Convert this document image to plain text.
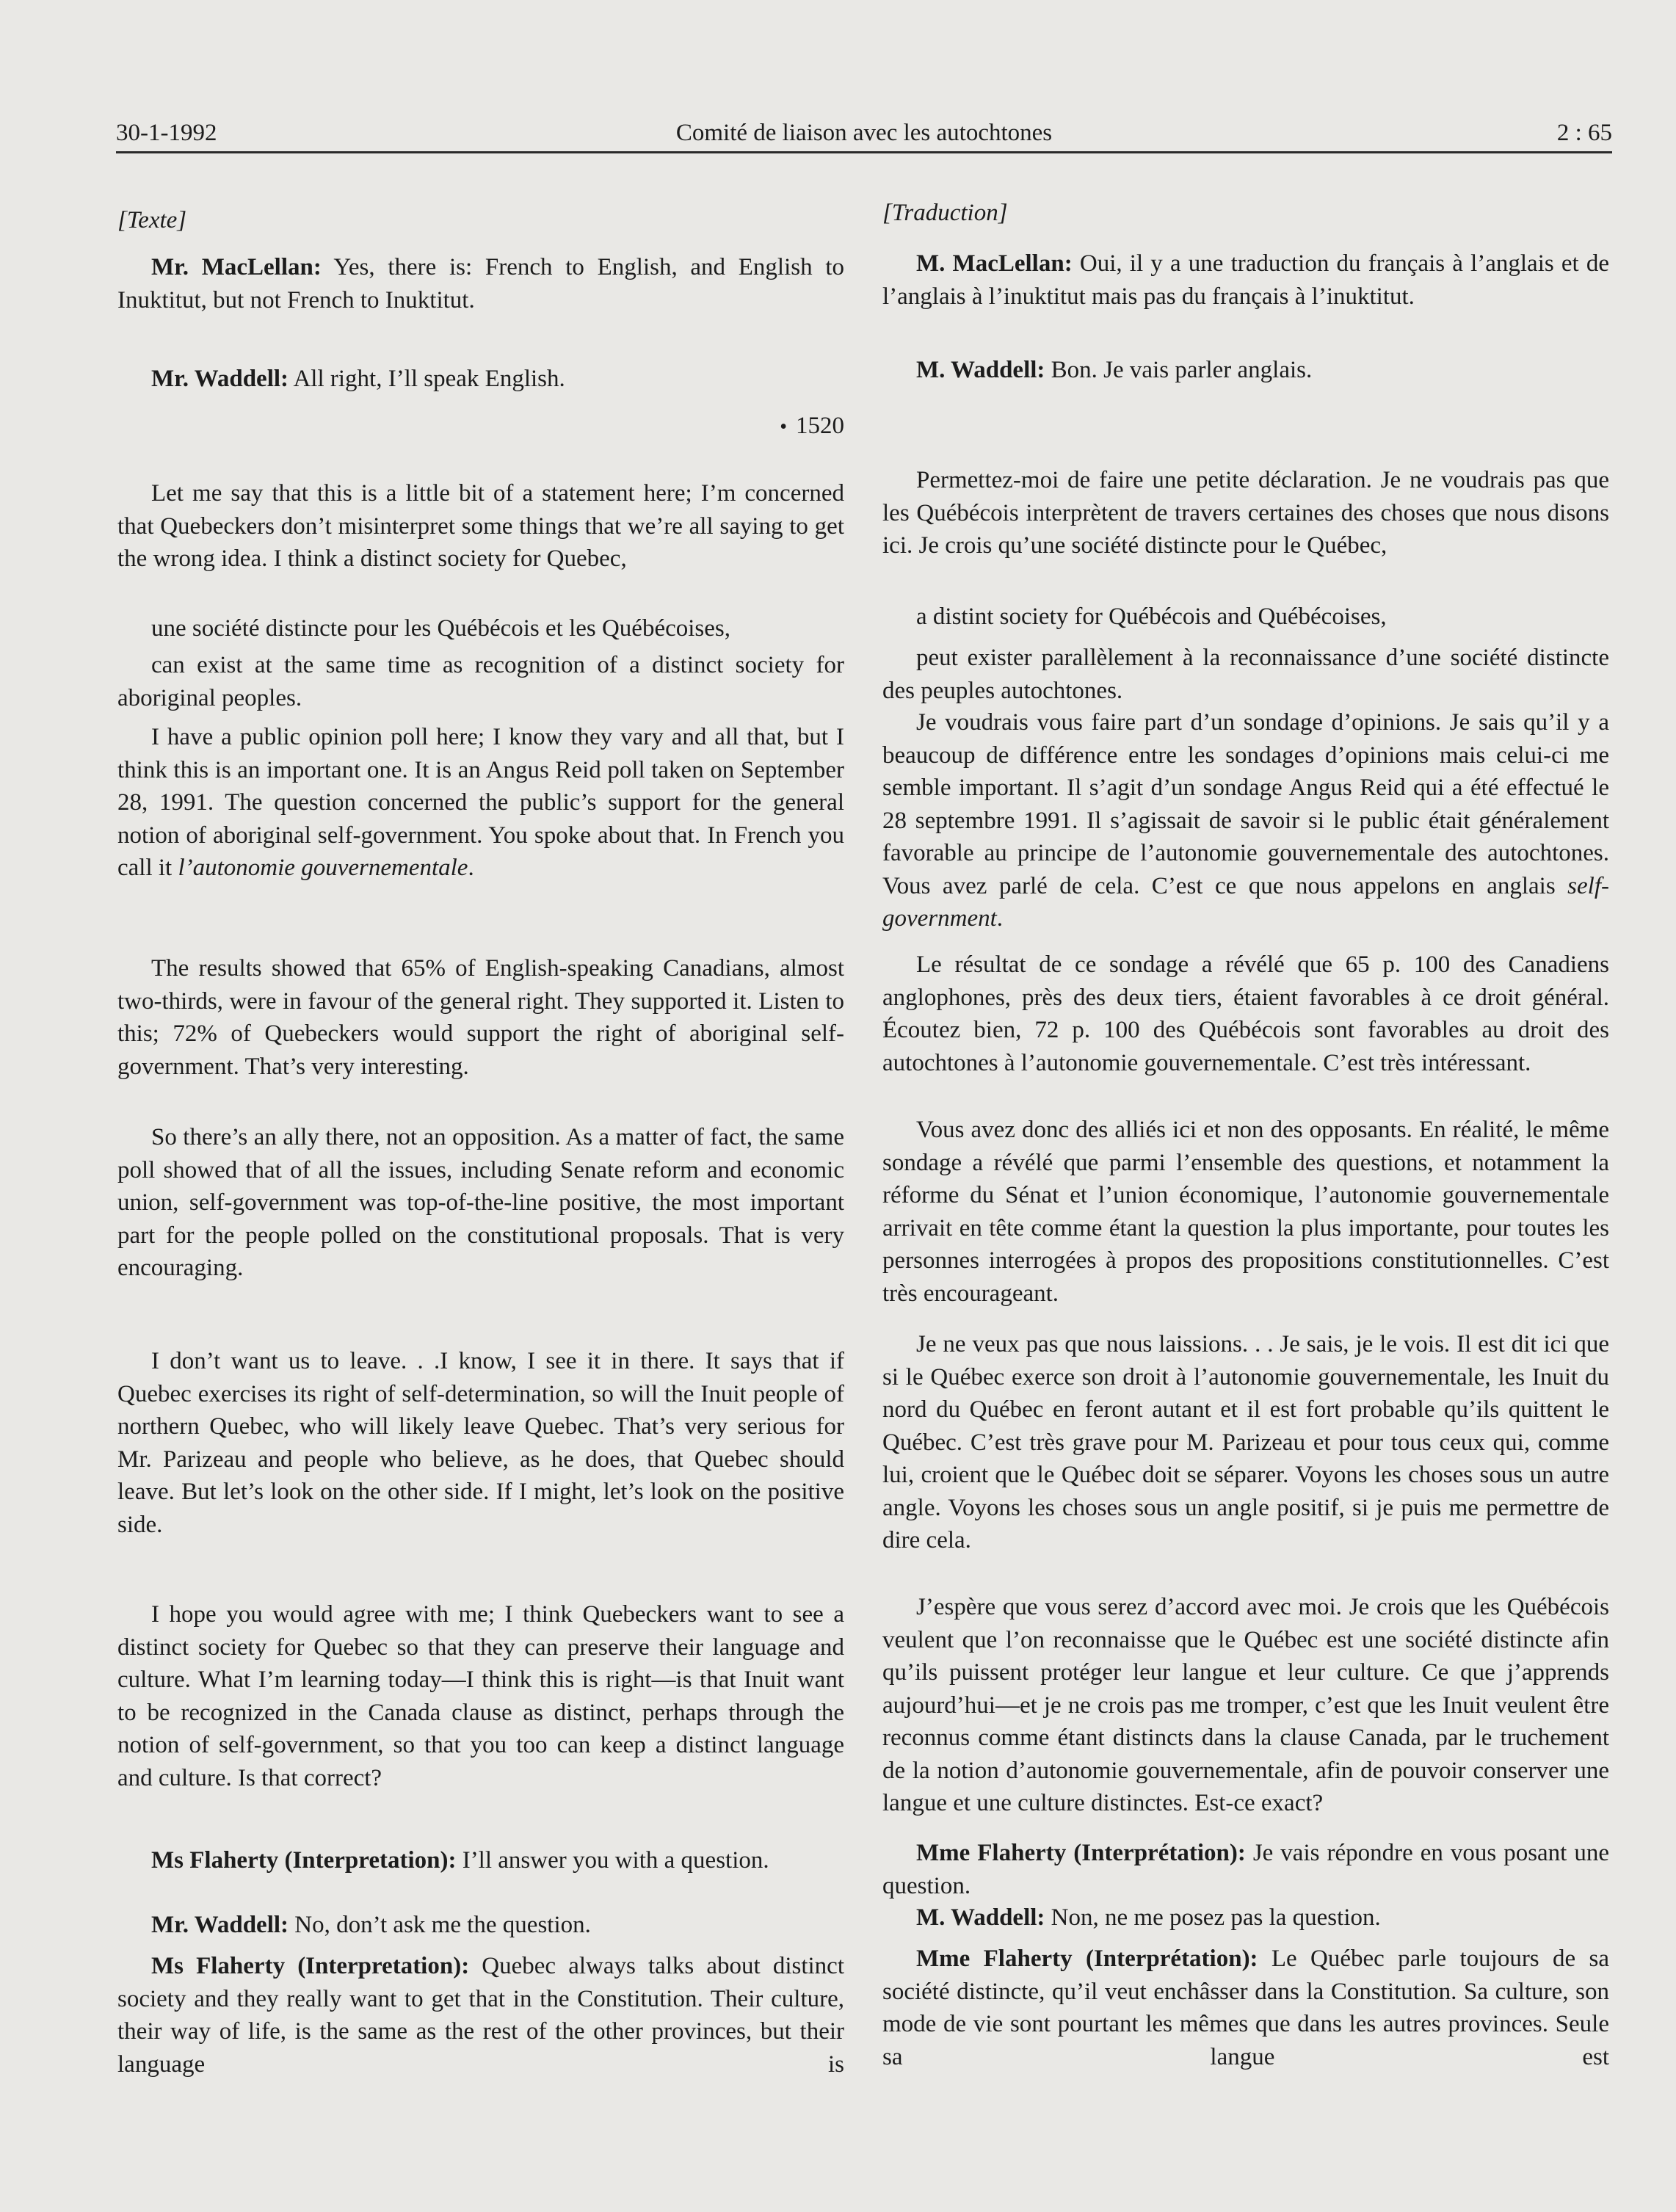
30-1-1992	Comité de liaison avec les autochtones	2 : 65

[Texte]

Mr. MacLellan: Yes, there is: French to English, and English to Inuktitut, but not French to Inuktitut.

Mr. Waddell: All right, I’ll speak English.

• 1520

Let me say that this is a little bit of a statement here; I’m concerned that Quebeckers don’t misinterpret some things that we’re all saying to get the wrong idea. I think a distinct society for Quebec,

une société distincte pour les Québécois et les Québécoises,

can exist at the same time as recognition of a distinct society for aboriginal peoples.

I have a public opinion poll here; I know they vary and all that, but I think this is an important one. It is an Angus Reid poll taken on September 28, 1991. The question concerned the public’s support for the general notion of aboriginal self-government. You spoke about that. In French you call it l’autonomie gouvernementale.

The results showed that 65% of English-speaking Canadians, almost two-thirds, were in favour of the general right. They supported it. Listen to this; 72% of Quebeckers would support the right of aboriginal self-government. That’s very interesting.

So there’s an ally there, not an opposition. As a matter of fact, the same poll showed that of all the issues, including Senate reform and economic union, self-government was top-of-the-line positive, the most important part for the people polled on the constitutional proposals. That is very encouraging.

I don’t want us to leave. . .I know, I see it in there. It says that if Quebec exercises its right of self-determination, so will the Inuit people of northern Quebec, who will likely leave Quebec. That’s very serious for Mr. Parizeau and people who believe, as he does, that Quebec should leave. But let’s look on the other side. If I might, let’s look on the positive side.

I hope you would agree with me; I think Quebeckers want to see a distinct society for Quebec so that they can preserve their language and culture. What I’m learning today—I think this is right—is that Inuit want to be recognized in the Canada clause as distinct, perhaps through the notion of self-government, so that you too can keep a distinct language and culture. Is that correct?

Ms Flaherty (Interpretation): I’ll answer you with a question.

Mr. Waddell: No, don’t ask me the question.

Ms Flaherty (Interpretation): Quebec always talks about distinct society and they really want to get that in the Constitution. Their culture, their way of life, is the same as the rest of the other provinces, but their language is

[Traduction]

M. MacLellan: Oui, il y a une traduction du français à l’anglais et de l’anglais à l’inuktitut mais pas du français à l’inuktitut.

M. Waddell: Bon. Je vais parler anglais.

Permettez-moi de faire une petite déclaration. Je ne voudrais pas que les Québécois interprètent de travers certaines des choses que nous disons ici. Je crois qu’une société distincte pour le Québec,

a distint society for Québécois and Québécoises,

peut exister parallèlement à la reconnaissance d’une société distincte des peuples autochtones.

Je voudrais vous faire part d’un sondage d’opinions. Je sais qu’il y a beaucoup de différence entre les sondages d’opinions mais celui-ci me semble important. Il s’agit d’un sondage Angus Reid qui a été effectué le 28 septembre 1991. Il s’agissait de savoir si le public était généralement favorable au principe de l’autonomie gouvernementale des autochtones. Vous avez parlé de cela. C’est ce que nous appelons en anglais self-government.

Le résultat de ce sondage a révélé que 65 p. 100 des Canadiens anglophones, près des deux tiers, étaient favorables à ce droit général. Écoutez bien, 72 p. 100 des Québécois sont favorables au droit des autochtones à l’autonomie gouvernementale. C’est très intéressant.

Vous avez donc des alliés ici et non des opposants. En réalité, le même sondage a révélé que parmi l’ensemble des questions, et notamment la réforme du Sénat et l’union économique, l’autonomie gouvernementale arrivait en tête comme étant la question la plus importante, pour toutes les personnes interrogées à propos des propositions constitutionnelles. C’est très encourageant.

Je ne veux pas que nous laissions. . . Je sais, je le vois. Il est dit ici que si le Québec exerce son droit à l’autonomie gouvernementale, les Inuit du nord du Québec en feront autant et il est fort probable qu’ils quittent le Québec. C’est très grave pour M. Parizeau et pour tous ceux qui, comme lui, croient que le Québec doit se séparer. Voyons les choses sous un autre angle. Voyons les choses sous un angle positif, si je puis me permettre de dire cela.

J’espère que vous serez d’accord avec moi. Je crois que les Québécois veulent que l’on reconnaisse que le Québec est une société distincte afin qu’ils puissent protéger leur langue et leur culture. Ce que j’apprends aujourd’hui—et je ne crois pas me tromper, c’est que les Inuit veulent être reconnus comme étant distincts dans la clause Canada, par le truchement de la notion d’autonomie gouvernementale, afin de pouvoir conserver une langue et une culture distinctes. Est-ce exact?

Mme Flaherty (Interprétation): Je vais répondre en vous posant une question.

M. Waddell: Non, ne me posez pas la question.

Mme Flaherty (Interprétation): Le Québec parle toujours de sa société distincte, qu’il veut enchâsser dans la Constitution. Sa culture, son mode de vie sont pourtant les mêmes que dans les autres provinces. Seule sa langue est
